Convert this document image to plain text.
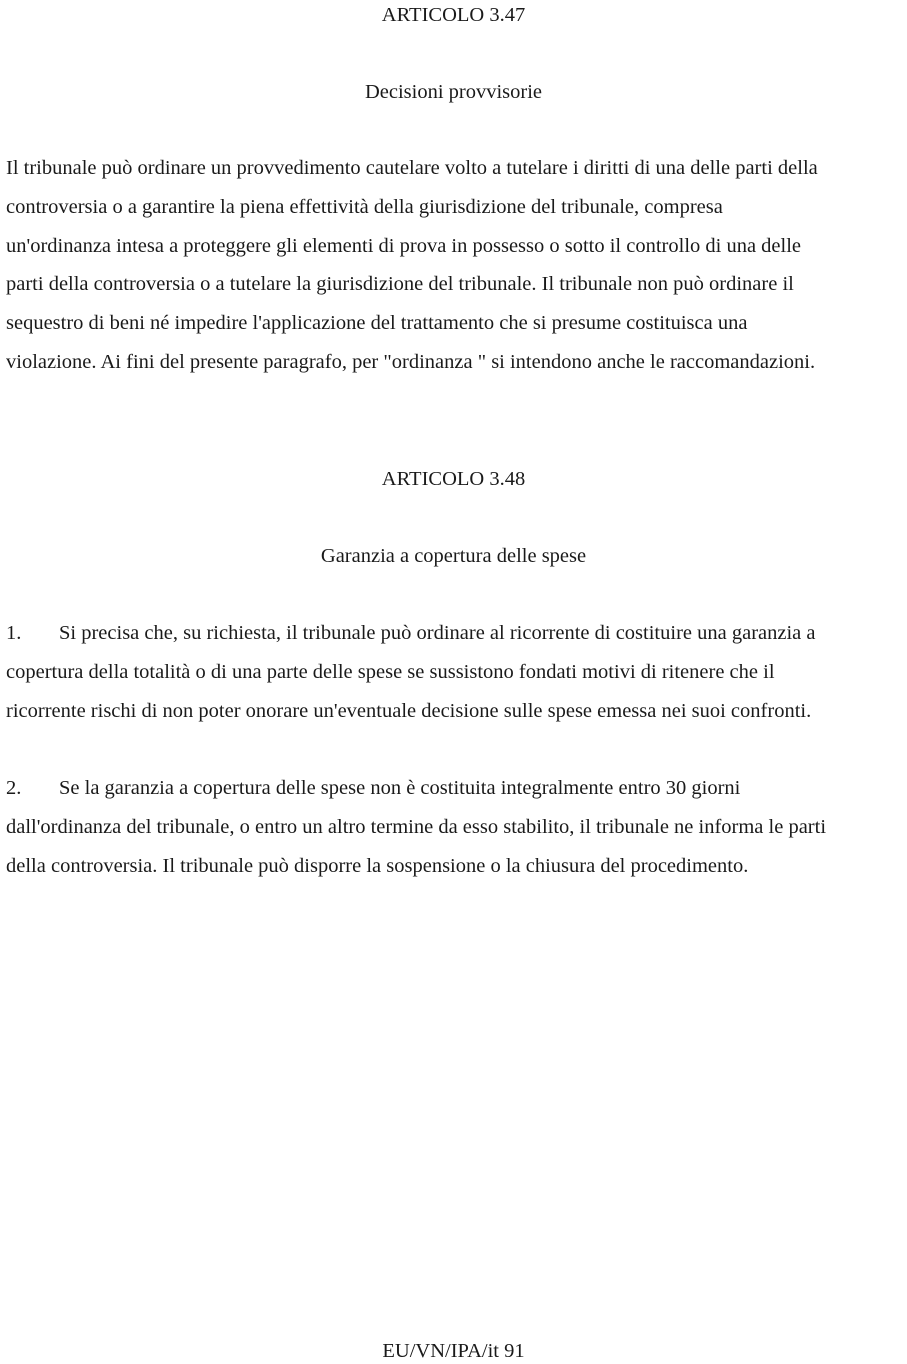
ARTICOLO 3.47

Decisioni provvisorie

Il tribunale può ordinare un provvedimento cautelare volto a tutelare i diritti di una delle parti della
controversia o a garantire la piena effettività della giurisdizione del tribunale, compresa
un'ordinanza intesa a proteggere gli elementi di prova in possesso o sotto il controllo di una delle
parti della controversia o a tutelare la giurisdizione del tribunale. Il tribunale non può ordinare il
sequestro di beni né impedire l'applicazione del trattamento che si presume costituisca una
violazione. Ai fini del presente paragrafo, per "ordinanza " si intendono anche le raccomandazioni.

ARTICOLO 3.48

Garanzia a copertura delle spese

1. Si precisa che, su richiesta, il tribunale può ordinare al ricorrente di costituire una garanzia a
copertura della totalità o di una parte delle spese se sussistono fondati motivi di ritenere che il
ricorrente rischi di non poter onorare un'eventuale decisione sulle spese emessa nei suoi confronti.
2. Se la garanzia a copertura delle spese non è costituita integralmente entro 30 giorni
dall'ordinanza del tribunale, o entro un altro termine da esso stabilito, il tribunale ne informa le parti
della controversia. Il tribunale può disporre la sospensione o la chiusura del procedimento.

EU/VN/IPA/it 91
